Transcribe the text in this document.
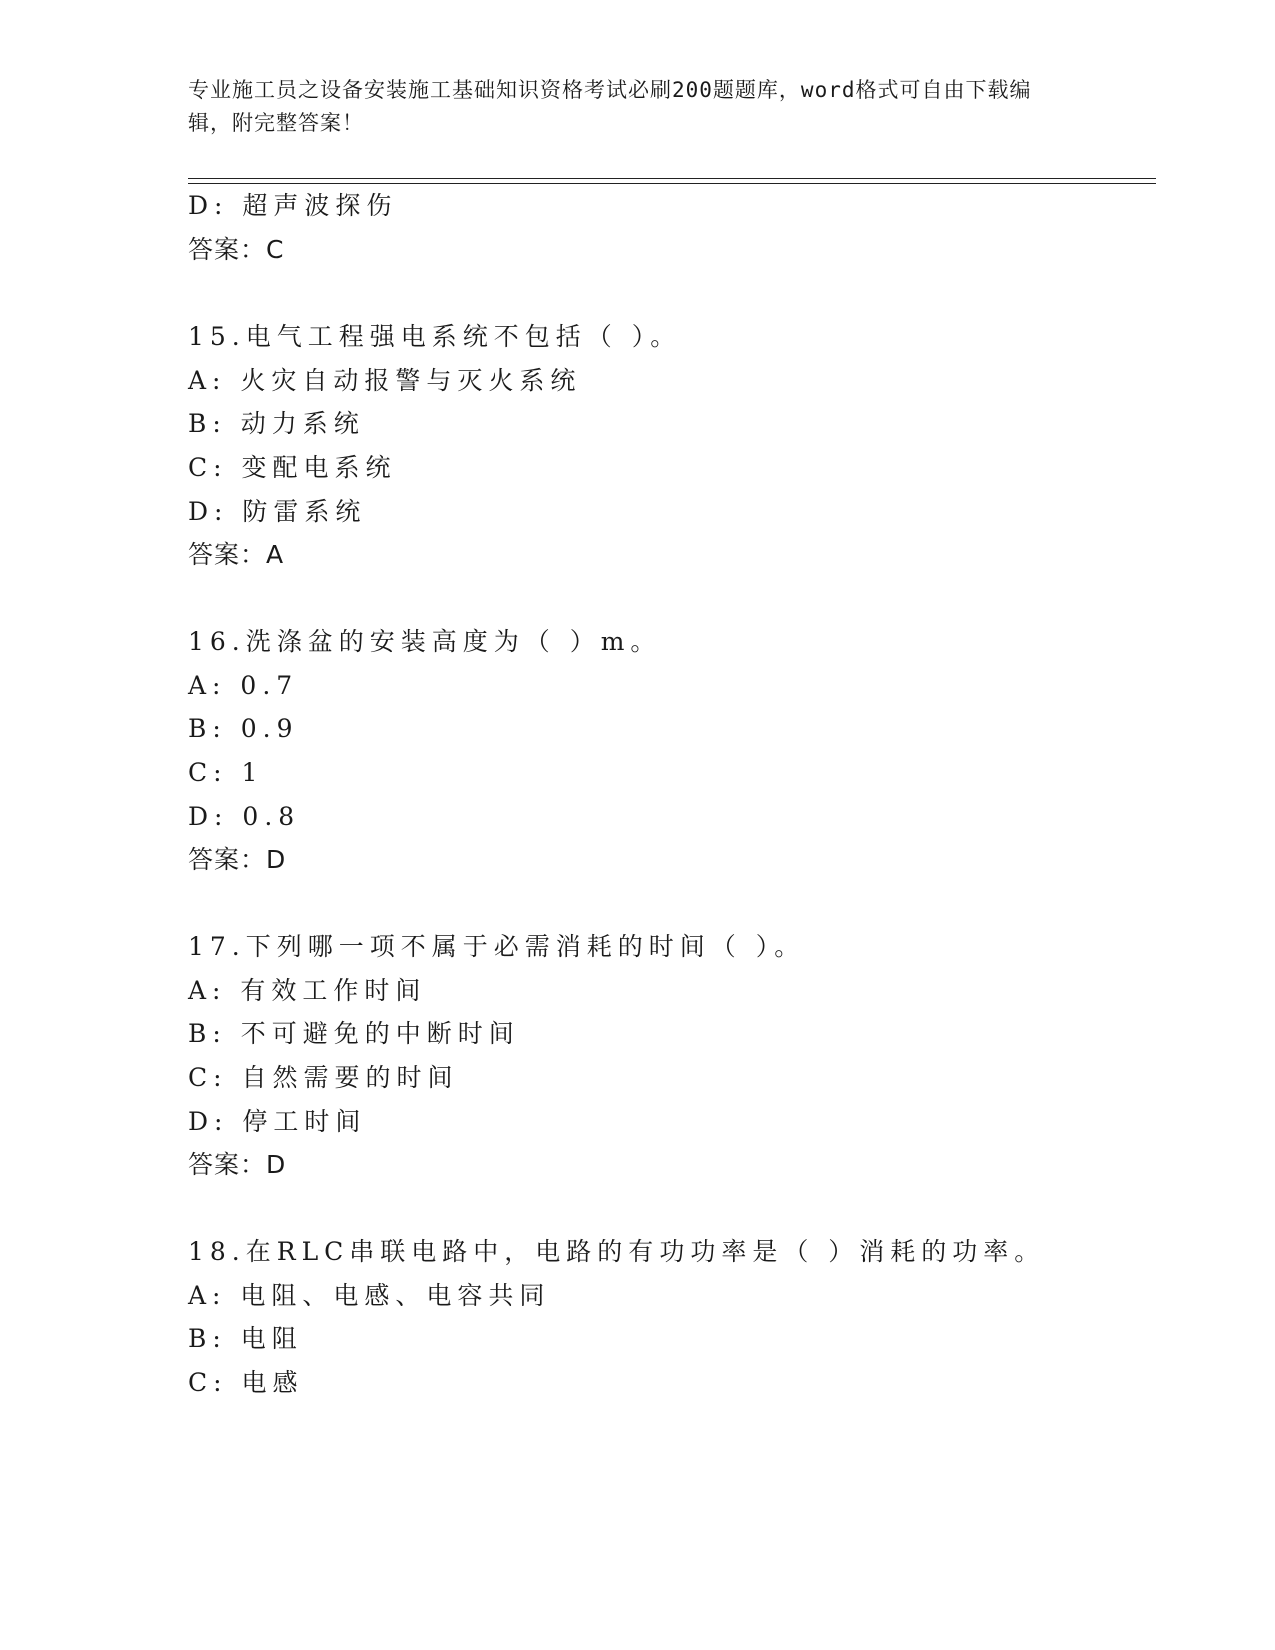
专业施工员之设备安装施工基础知识资格考试必刷200题题库，word格式可自由下载编辑，附完整答案！
D: 超声波探伤
答案：C
15.电气工程强电系统不包括（ ）。
A: 火灾自动报警与灭火系统
B: 动力系统
C: 变配电系统
D: 防雷系统
答案：A
16.洗涤盆的安装高度为（ ）m。
A: 0.7
B: 0.9
C: 1
D: 0.8
答案：D
17.下列哪一项不属于必需消耗的时间（ ）。
A: 有效工作时间
B: 不可避免的中断时间
C: 自然需要的时间
D: 停工时间
答案：D
18.在RLC串联电路中，电路的有功功率是（ ）消耗的功率。
A: 电阻、电感、电容共同
B: 电阻
C: 电感
